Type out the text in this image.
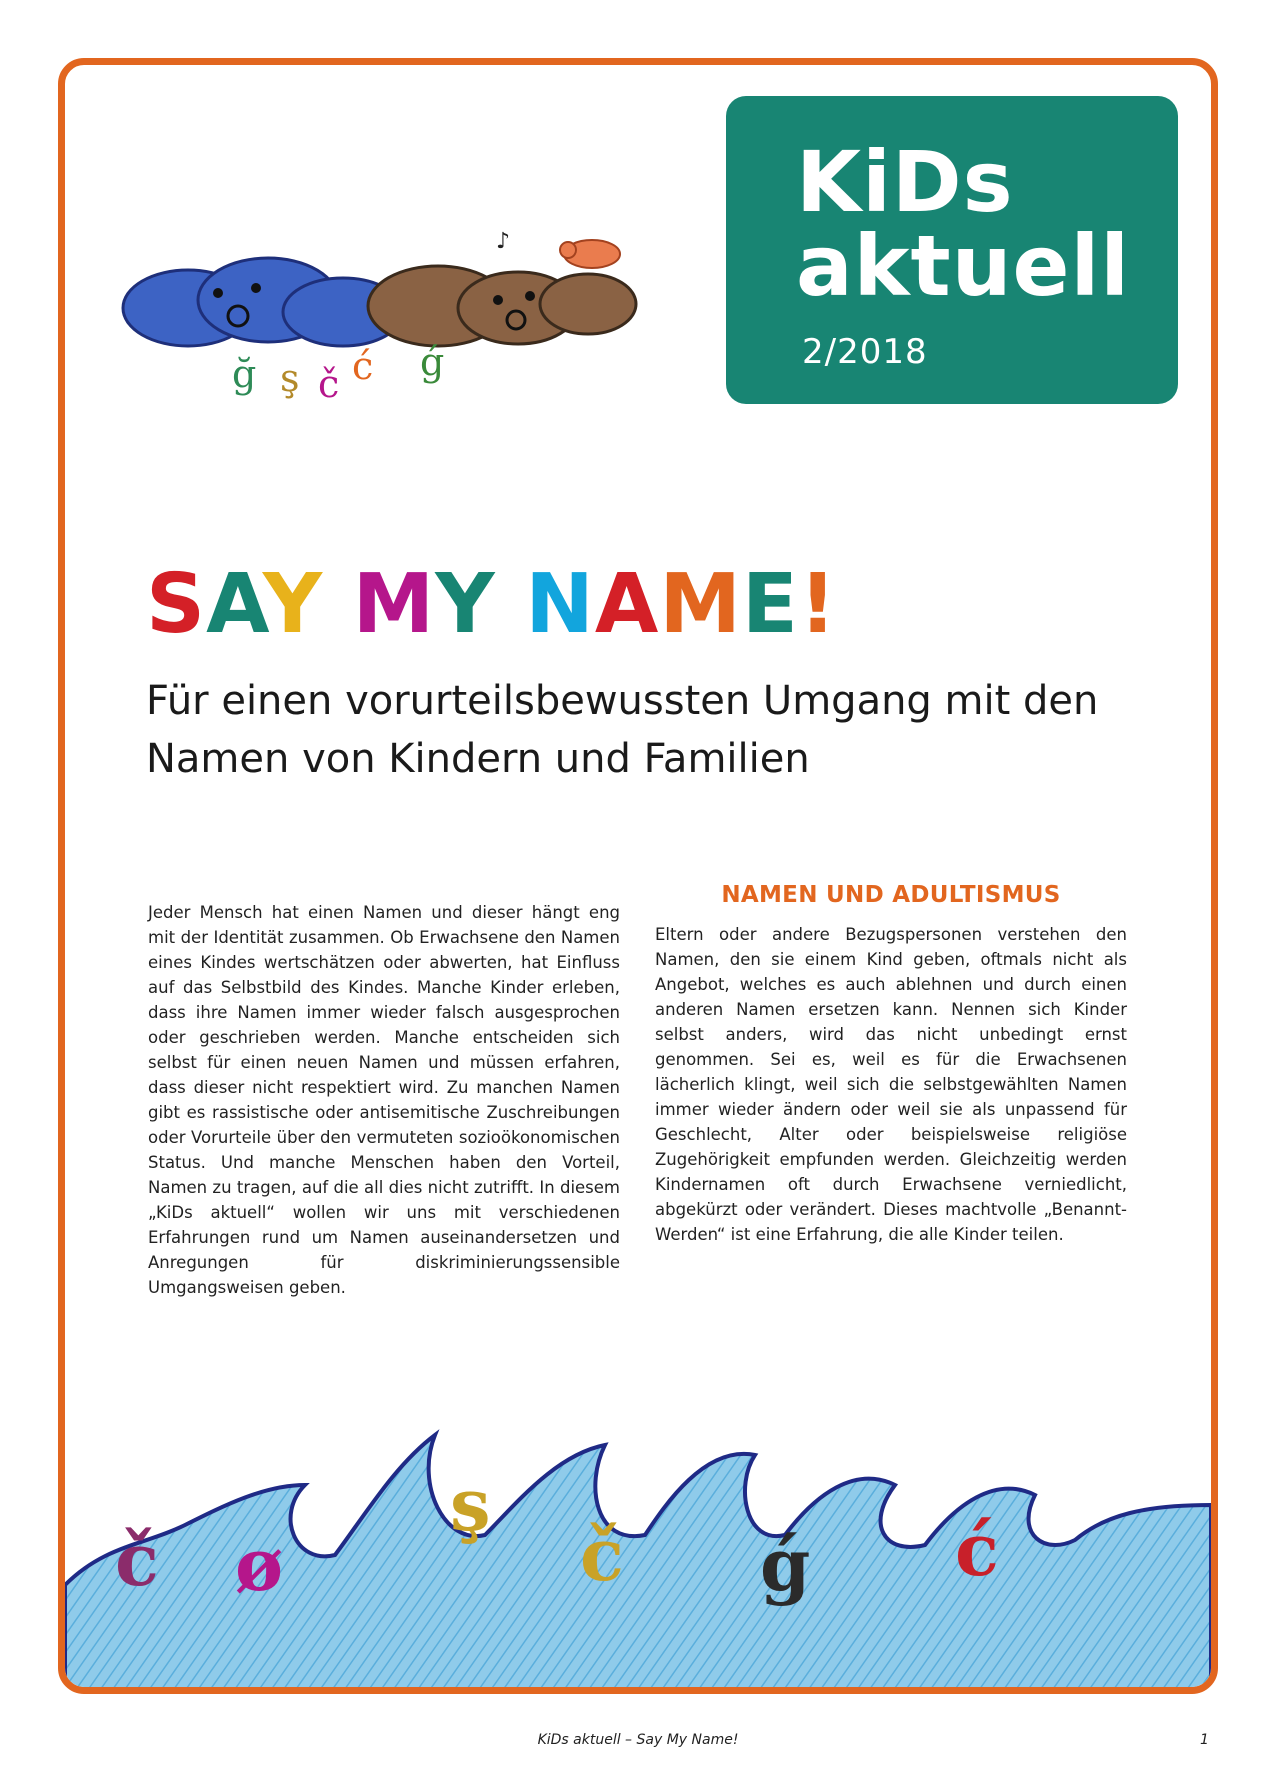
č ø
ş
č ǵ ć
♪
ğ ş č ć ǵ
KiDs
aktuell
2/2018
SAY MY NAME!
Für einen vorurteilsbewussten Umgang mit den Namen von Kindern und Familien
Jeder Mensch hat einen Namen und dieser hängt eng mit der Identität zusammen. Ob Erwachsene den Namen eines Kindes wertschätzen oder abwerten, hat Einfluss auf das Selbstbild des Kindes. Manche Kinder erleben, dass ihre Namen immer wieder falsch ausgesprochen oder geschrieben werden. Manche entscheiden sich selbst für einen neuen Namen und müssen erfahren, dass dieser nicht respektiert wird. Zu manchen Namen gibt es rassistische oder antisemitische Zuschreibungen oder Vorurteile über den vermuteten sozioökonomischen Status. Und manche Menschen haben den Vorteil, Namen zu tragen, auf die all dies nicht zutrifft. In diesem „KiDs aktuell“ wollen wir uns mit verschiedenen Erfahrungen rund um Namen auseinandersetzen und Anregungen für diskriminierungssensible Umgangsweisen geben.
NAMEN UND ADULTISMUS
Eltern oder andere Bezugspersonen verstehen den Namen, den sie einem Kind geben, oftmals nicht als Angebot, welches es auch ablehnen und durch einen anderen Namen ersetzen kann. Nennen sich Kinder selbst anders, wird das nicht unbedingt ernst genommen. Sei es, weil es für die Erwachsenen lächerlich klingt, weil sich die selbstgewählten Namen immer wieder ändern oder weil sie als unpassend für Geschlecht, Alter oder beispielsweise religiöse Zugehörigkeit empfunden werden. Gleichzeitig werden Kindernamen oft durch Erwachsene verniedlicht, abgekürzt oder verändert. Dieses machtvolle „Benannt-Werden“ ist eine Erfahrung, die alle Kinder teilen.
KiDs aktuell – Say My Name!	1
